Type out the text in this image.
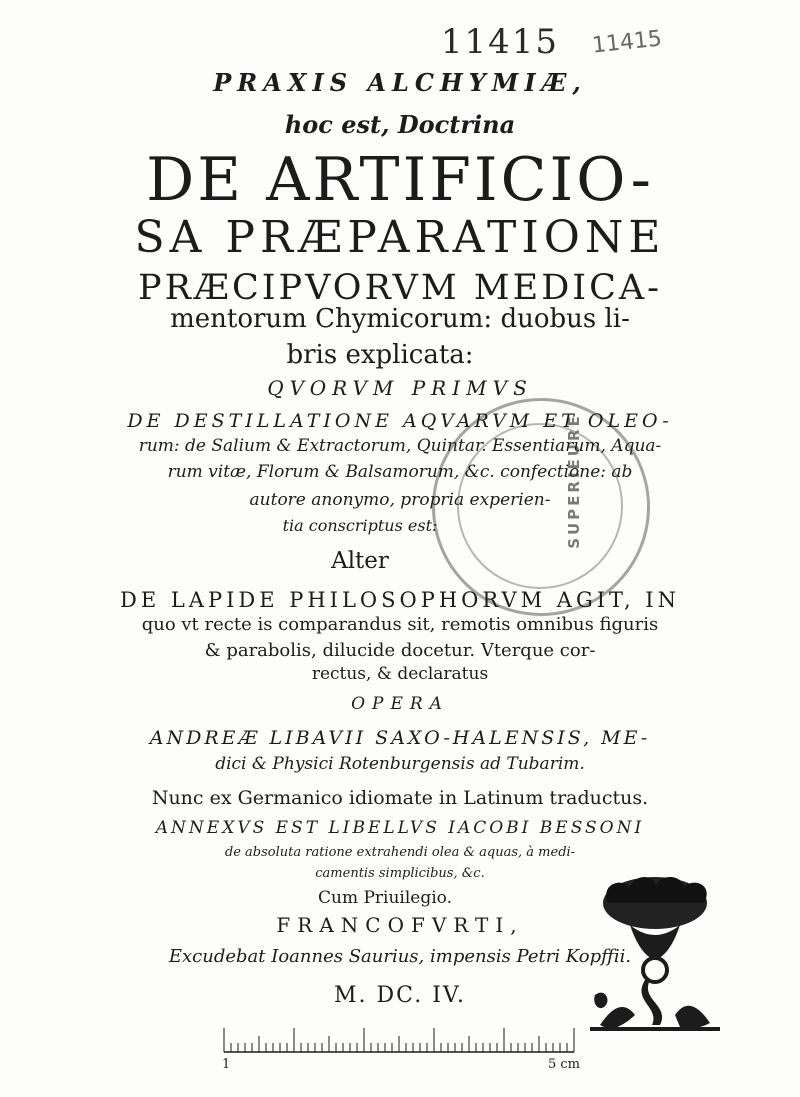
11415	11415
SUPERIEURE
PRAXIS ALCHYMIÆ,
hoc est, Doctrina
DE ARTIFICIO-
SA PRÆPARATIONE
PRÆCIPVORVM MEDICA-
mentorum Chymicorum: duobus li-
bris explicata:
QVORVM PRIMVS
DE DESTILLATIONE AQVARVM ET OLEO-
rum: de Salium & Extractorum, Quintar. Essentiarum, Aqua-
rum vitæ, Florum & Balsamorum, &c. confectione: ab
autore anonymo, propria experien-
tia conscriptus est:
Alter
DE LAPIDE PHILOSOPHORVM AGIT, IN
quo vt recte is comparandus sit, remotis omnibus figuris
& parabolis, dilucide docetur. Vterque cor-
rectus, & declaratus
OPERA
ANDREÆ LIBAVII SAXO-HALENSIS, ME-
dici & Physici Rotenburgensis ad Tubarim.
Nunc ex Germanico idiomate in Latinum traductus.
ANNEXVS EST LIBELLVS IACOBI BESSONI
de absoluta ratione extrahendi olea & aquas, à medi-
camentis simplicibus, &c.
Cum Priuilegio.
FRANCOFVRTI,
Excudebat Ioannes Saurius, impensis Petri Kopffii.
M. DC. IV.
1	5 cm
